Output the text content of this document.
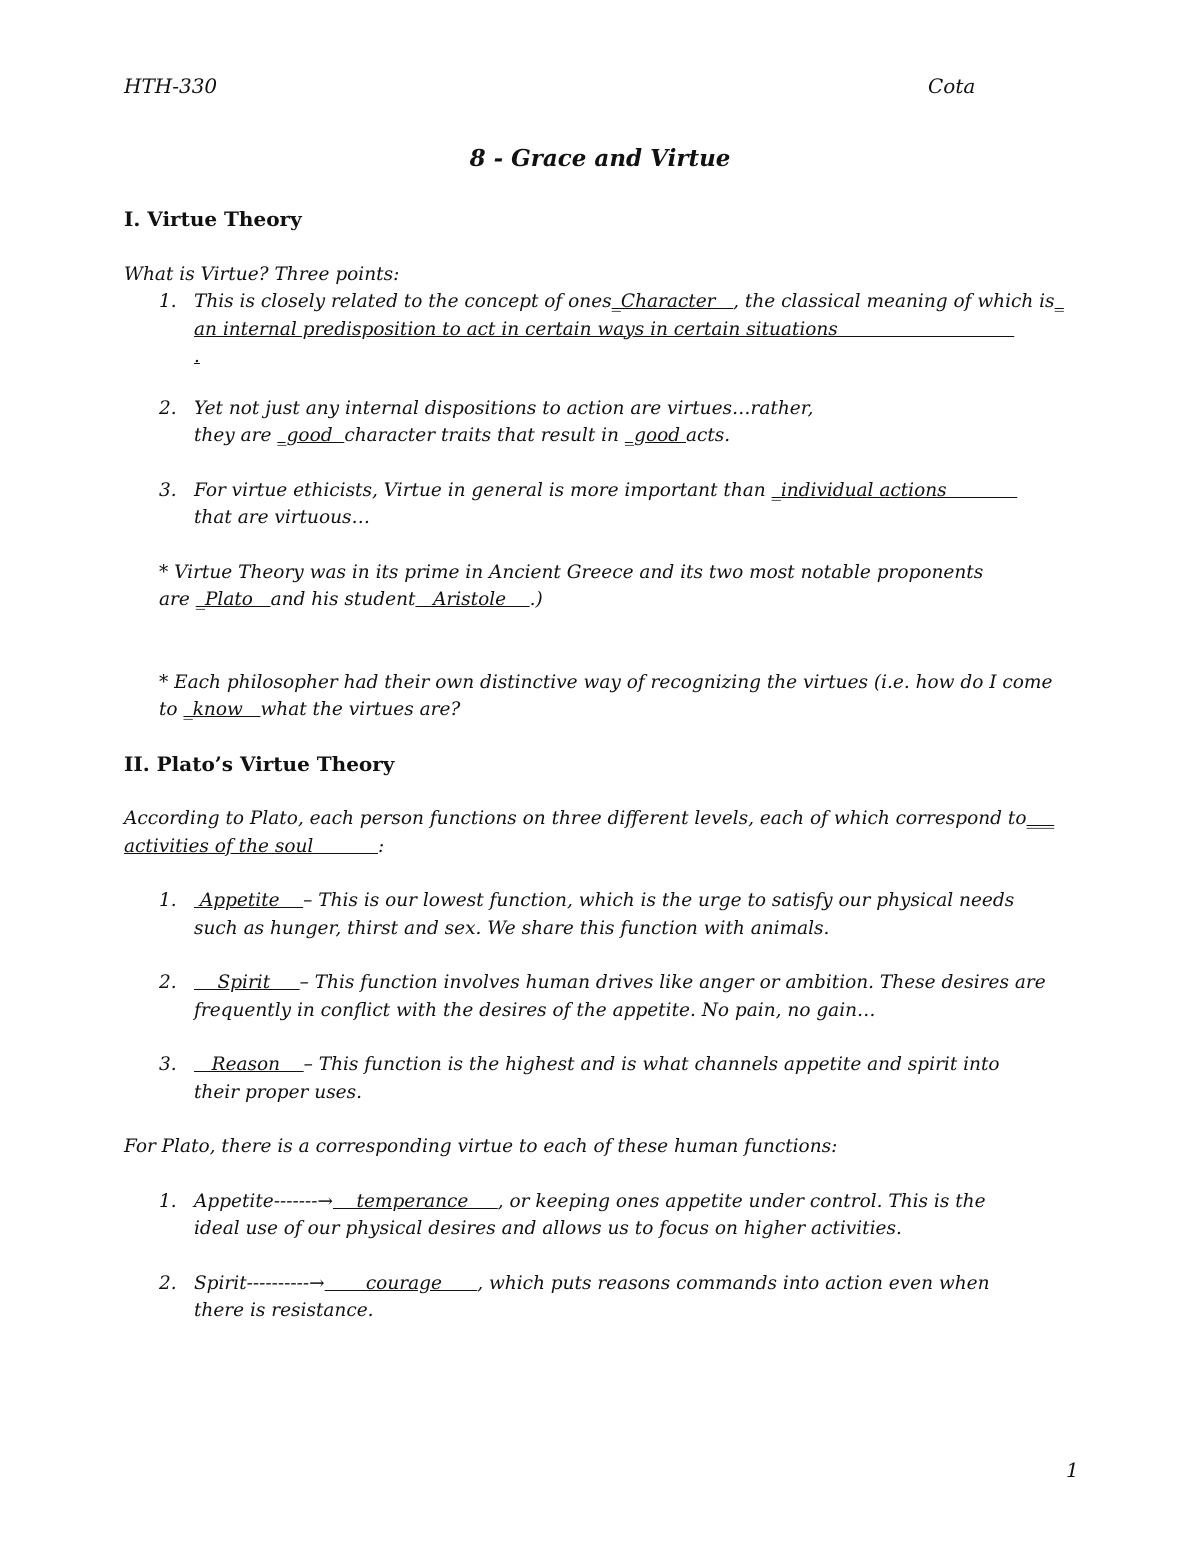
HTH-330	Cota
8 - Grace and Virtue

I. Virtue Theory

What is Virtue? Three points:

1. This is closely related to the concept of ones_Character   , the classical meaning of which is_
an internal predisposition to act in certain ways in certain situations
.
2. Yet not just any internal dispositions to action are virtues…rather,
they are _good  character traits that result in _good acts.
3. For virtue ethicists, Virtue in general is more important than _individual actions
that are virtuous…
* Virtue Theory was in its prime in Ancient Greece and its two most notable proponents
are _Plato   and his student   Aristole    .)
* Each philosopher had their own distinctive way of recognizing the virtues (i.e. how do I come
to _know   what the virtues are?

II. Plato’s Virtue Theory

According to Plato, each person functions on three different levels, each of which correspond to___
activities of the soul           :

1. Appetite    – This is our lowest function, which is the urge to satisfy our physical needs
such as hunger, thirst and sex. We share this function with animals.
2. Spirit     – This function involves human drives like anger or ambition. These desires are
frequently in conflict with the desires of the appetite. No pain, no gain…
3. Reason    – This function is the highest and is what channels appetite and spirit into
their proper uses.

For Plato, there is a corresponding virtue to each of these human functions:

1. Appetite-------→    temperance     , or keeping ones appetite under control. This is the
ideal use of our physical desires and allows us to focus on higher activities.
2. Spirit----------→       courage      , which puts reasons commands into action even when
there is resistance.
1
